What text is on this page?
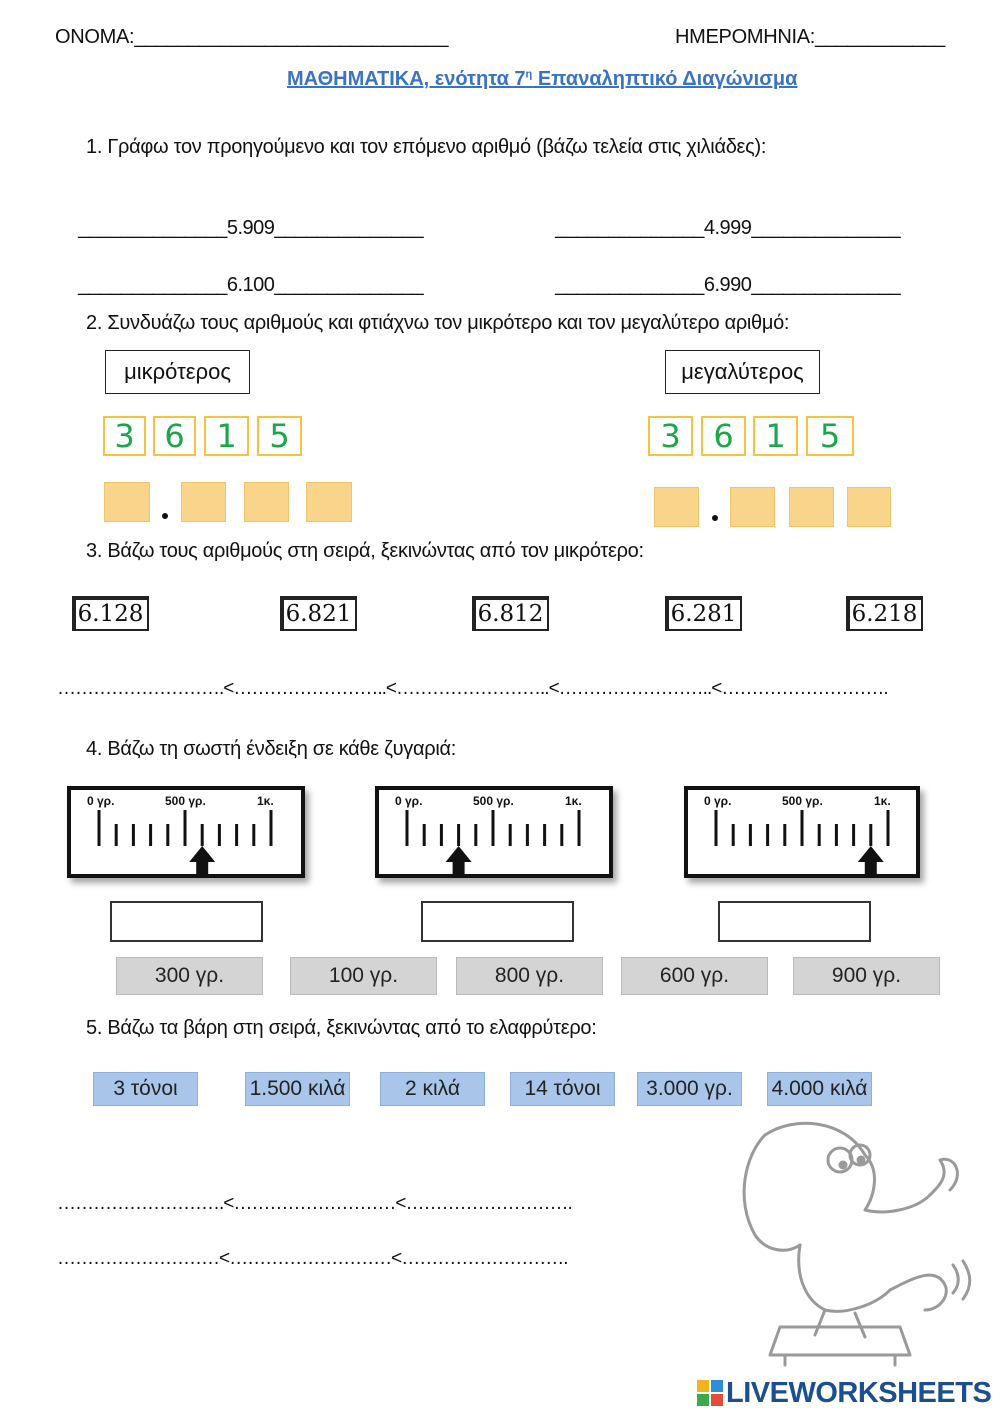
ΟΝΟΜΑ:_____________________________	ΗΜΕΡΟΜΗΝΙΑ:____________
ΜΑΘΗΜΑΤΙΚΑ, ενότητα $7^\eta$ Επαναληπτικό Διαγώνισμα
1. Γράφω τον προηγούμενο και τον επόμενο αριθμό (βάζω τελεία στις χιλιάδες):

______________5.909______________	______________4.999______________

______________6.100______________	______________6.990______________

2. Συνδυάζω τους αριθμούς και φτιάχνω τον μικρότερο και τον μεγαλύτερο αριθμό:
μικρότερος	μεγαλύτερος
3 6 1	5	3	6 1	5
3. Βάζω τους αριθμούς στη σειρά, ξεκινώντας από τον μικρότερο:
6.128	6.821	6.812	6.281	6.218
……………………….<……………………..<……………………..<……………………..<……………………….
4. Βάζω τη σωστή ένδειξη σε κάθε ζυγαριά:
0 γρ.	500 γρ.	1κ.	0 γρ.	500 γρ.	1κ.	0 γρ.	500 γρ.	1κ.
300 γρ.	100 γρ.	800 γρ.	600 γρ.	900 γρ.
5. Βάζω τα βάρη στη σειρά, ξεκινώντας από το ελαφρύτερο:
3 τόνοι	1.500 κιλά	2 κιλά	14 τόνοι	3.000 γρ.	4.000 κιλά
……………………….<………………………<……………………….
………………………<………………………<……………………….
LIVEWORKSHEETS
